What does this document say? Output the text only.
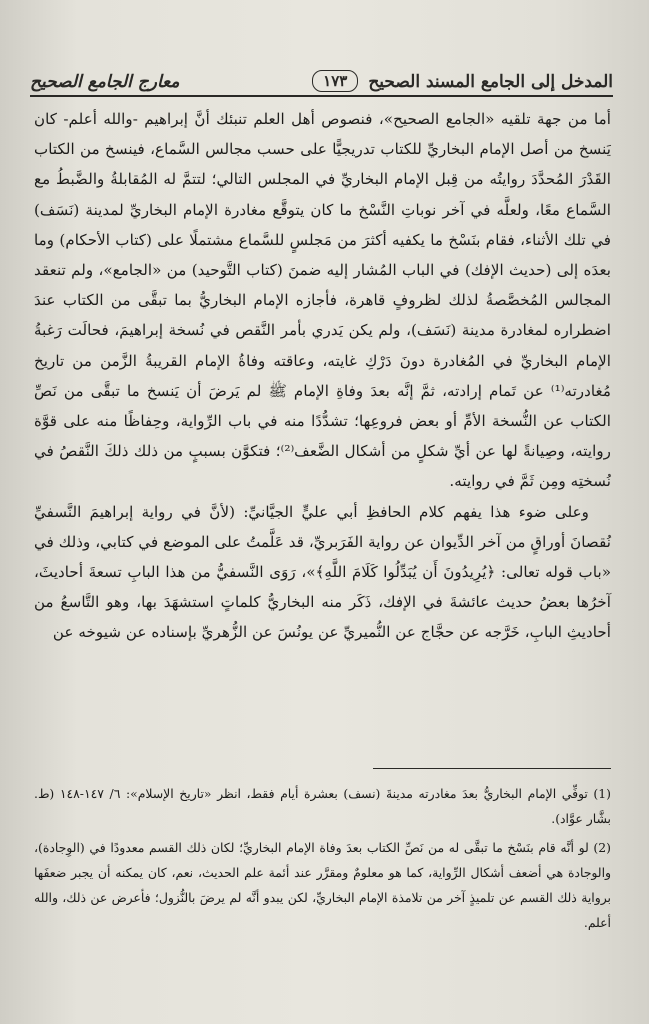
المدخل إلى الجامع المسند الصحيح
١٧٣
معارج الجامع الصحيح

أما من جهة تلقيه «الجامع الصحيح»، فنصوص أهل العلم تنبئك أنَّ إبراهيم -والله أعلم- كان يَنسخ من أصل الإمام البخاريِّ للكتاب تدريجيًّا على حسب مجالس السَّماع، فينسخ من الكتاب القَدْرَ المُحدَّدَ روايتُه من قِبل الإمام البخاريِّ في المجلس التالي؛ لتتمَّ له المُقابلةُ والضَّبطُ مع السَّماع معًا، ولعلَّه في آخر نوباتِ النَّسْخ ما كان يتوقَّع مغادرة الإمام البخاريِّ لمدينة (نَسَف) في تلك الأثناء، فقام بنَسْخ ما يكفيه أكثرَ من مَجلسٍ للسَّماع مشتملًا على (كتاب الأحكام) وما بعدَه إلى (حديث الإفك) في الباب المُشار إليه ضمنَ (كتاب التَّوحيد) من «الجامع»، ولم تنعقد المجالس المُخصَّصةُ لذلك لظروفٍ قاهرة، فأجازه الإمام البخاريُّ بما تبقَّى من الكتاب عندَ اضطراره لمغادرة مدينة (نَسَف)، ولم يكن يَدري بأمر النَّقص في نُسخة إبراهيمَ، فحالَت رَغبةُ الإمام البخاريِّ في المُغادرة دونَ دَرْكِ غايته، وعاقته وفاةُ الإمام القريبةُ الزَّمن من تاريخ مُغادرته⁽¹⁾ عن تَمام إرادته، ثمَّ إنَّه بعدَ وفاةِ الإمام ﷺ لم يَرضَ أن يَنسخ ما تبقَّى من نَصِّ الكتاب عن النُّسخة الأمِّ أو بعض فروعِها؛ تشدُّدًا منه في باب الرِّواية، وحِفاظًا منه على قوَّة روايته، وصِيانةً لها عن أيِّ شكلٍ من أشكال الضَّعف⁽²⁾؛ فتكوَّن بسببٍ من ذلك ذلكَ النَّقصُ في نُسختِه ومِن ثَمَّ في روايته.

وعلى ضوء هذا يفهم كلام الحافظِ أبي عليٍّ الجيَّانيِّ: (لأنَّ في رواية إبراهيمَ النَّسفيِّ نُقصانَ أوراقٍ من آخر الدِّيوان عن رواية الفَرَبريِّ، قد عَلَّمتُ على الموضع في كتابي، وذلك في «باب قوله تعالى: ﴿يُرِيدُونَ أَن يُبَدِّلُوا كَلَامَ اللَّهِ﴾»، رَوَى النَّسفيُّ من هذا البابِ تسعةَ أحاديثَ، آخرُها بعضُ حديث عائشةَ في الإفك، ذَكَر منه البخاريُّ كلماتٍ استشهَدَ بها، وهو التَّاسعُ من أحاديثِ البابِ، خَرَّجه عن حجَّاج عن النُّميريِّ عن يونُسَ عن الزُّهريِّ بإسناده عن شيوخه عن

(1) توفِّي الإمام البخاريُّ بعدَ مغادرته مدينةَ (نسف) بعشرة أيام فقط، انظر «تاريخ الإسلام»: ٦/ ١٤٧-١٤٨ (ط. بشَّار عوَّاد).

(2) لو أنَّه قام بنَسْخ ما تبقَّى له من نَصِّ الكتاب بعدَ وفاة الإمام البخاريِّ؛ لكان ذلك القسم معدودًا في (الوِجادة)، والوجادة هي أضعف أشكال الرِّواية، كما هو معلومٌ ومقرَّر عند أئمة علم الحديث، نعم، كان يمكنه أن يجبر ضعفَها برواية ذلك القسم عن تلميذٍ آخر من تلامذة الإمام البخاريِّ، لكن يبدو أنَّه لم يرضَ بالنُّزول؛ فأعرض عن ذلك، والله أعلم.
